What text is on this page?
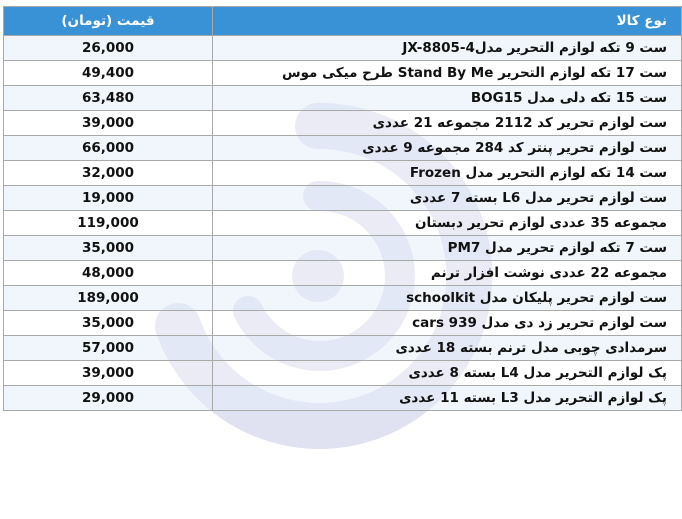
نوع کالا	قیمت (تومان)
ست 9 تکه لوازم التحریر مدلJX-8805-4	26,000
ست 17 تکه لوازم التحریر Stand By Me طرح میکی موس	49,400
ست 15 تکه دلی مدل BOG15	63,480
ست لوازم تحریر کد 2112 مجموعه 21 عددی	39,000
ست لوازم تحریر پنتر کد 284 مجموعه 9 عددی	66,000
ست 14 تکه لوازم التحریر مدل Frozen	32,000
ست لوازم تحریر مدل L6 بسته 7 عددی	19,000
مجموعه 35 عددی لوازم تحریر دبستان	119,000
ست 7 تکه لوازم تحریر مدل PM7	35,000
مجموعه 22 عددی نوشت افزار ترنم	48,000
ست لوازم تحریر پلیکان مدل schoolkit	189,000
ست لوازم تحریر زد دی مدل cars 939	35,000
سرمدادی چوبی مدل ترنم بسته 18 عددی	57,000
پک لوازم التحریر مدل L4 بسته 8 عددی	39,000
پک لوازم التحریر مدل L3 بسته 11 عددی	29,000
